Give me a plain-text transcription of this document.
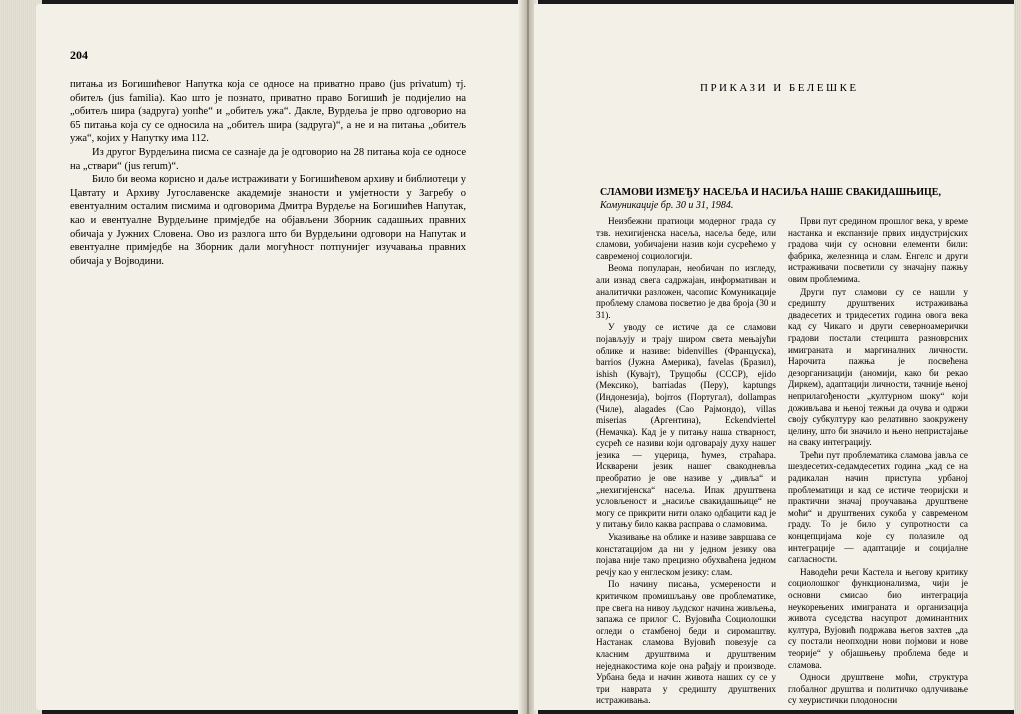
204

питања из Богишићевог Напутка која се односе на приватно право (jus privatum) тј. обитељ (jus familia). Као што је познато, приватно право Богишић је подијелио на „обитељ шира (задруга) уопће“ и „обитељ ужа“. Дакле, Вурдеља је прво одговорио на 65 питања која су се односила на „обитељ шира (задруга)“, а не и на питања „обитељ ужа“, којих у Напутку има 112.

Из другог Вурдељина писма се сазнаје да је одговорио на 28 питања која се односе на „ствари“ (jus rerum)“.

Било би веома корисно и даље истраживати у Богишићевом архиву и библиотеци у Цавтату и Архиву Југославенске академије знаности и умјетности у Загребу о евентуалним осталим писмима и одговорима Дмитра Вурдеље на Богишићев Напутак, као и евентуалне Вурдељине примједбе на објављени Зборник садашњих правних обичаја у Јужних Словена. Ово из разлога што би Вурдељини одговори на Напутак и евентуалне примједбе на Зборник дали могућност потпунијег изучавања правних обичаја у Војводини.

ПРИКАЗИ И БЕЛЕШКЕ
СЛАМОВИ ИЗМЕЂУ НАСЕЉА И НАСИЉА НАШЕ СВАКИДАШЊИЦЕ, Комуникације бр. 30 и 31, 1984.

Неизбежни пратиоци модерног града су тзв. нехигијенска насеља, насеља беде, или сламови, уобичајени назив који сусрећемо у савременој социологији.

Веома популаран, необичан по изгледу, али изнад свега садржајан, информативан и аналитички разложен, часопис Комуникације проблему сламова посветио је два броја (30 и 31).

У уводу се истиче да се сламови појављују и трају широм света мењајући облике и називе: bidenvilles (Француска), barrios (Јужна Америка), favelas (Бразил), ishish (Кувајт), Трущобы (СССР), ejido (Мексико), barriadas (Перу), kaptungs (Индонезија), bojrros (Португал), dollampas (Чиле), alagades (Сао Рајмондо), villas miserias (Аргентина), Eckendviertel (Немачка). Кад је у питању наша стварност, сусрећ се називи који одговарају духу нашег језика — уцерица, ћумез, страћара. Искварени језик нашег свакодневља преобратио је ове називе у „дивља“ и „нехигијенска“ насеља. Ипак друштвена условљеност и „насиље свакидашњице“ не могу се прикрити нити олако одбацити кад је у питању било каква расправа о сламовима.

Указивање на облике и називе завршава се констатацијом да ни у једном језику ова појава није тако прецизно обухваћена једном речју као у енглеском језику: слам.

По начину писања, усмерености и критичком промишљању ове проблематике, пре свега на нивоу људског начина живљења, запажа се прилог С. Вујовића Социолошки огледи о стамбеној беди и сиромаштву. Настанак сламова Вујовић повезује са класним друштвима и друштвеним неједнакостима које она рађају и производе. Урбана беда и начин живота наших су се у три наврата у средишту друштвених истраживања.

Први пут средином прошлог века, у време настанка и експанзије првих индустријских градова чији су основни елементи били: фабрика, железница и слам. Енгелс и други истраживачи посветили су значајну пажњу овим проблемима.

Други пут сламови су се нашли у средишту друштвених истраживања двадесетих и тридесетих година овога века кад су Чикаго и други северноамерички градови постали стецишта разноврсних имиграната и маргиналних личности. Нарочита пажња је посвећена дезорганизацији (аномији, како би рекао Диркем), адаптацији личности, тачније њеној неприлагођености „културном шоку“ који доживљава и њеној тежњи да очува и одржи своју субкултуру као релативно заокружену целину, што би значило и њено непристајање на сваку интеграцију.

Трећи пут проблематика сламова јавља се шездесетих-седамдесетих година „кад се на радикалан начин приступа урбаној проблематици и кад се истиче теоријски и практични значај проучавања друштвене моћи“ и друштвених сукоба у савременом граду. То је било у супротности са концепцијама које су полазиле од интеграције — адаптације и социјалне сагласности.

Наводећи речи Кастела и његову критику социолошког функционализма, чији је основни смисао био интеграција неукорењених имиграната и организација живота суседства насупрот доминантних култура, Вујовић подржава његов захтев „да су постали неопходни нови појмови и нове теорије“ у објашњењу проблема беде и сламова.

Односи друштвене моћи, структура глобалног друштва и политичко одлучивање су хеуристички плодоносни
